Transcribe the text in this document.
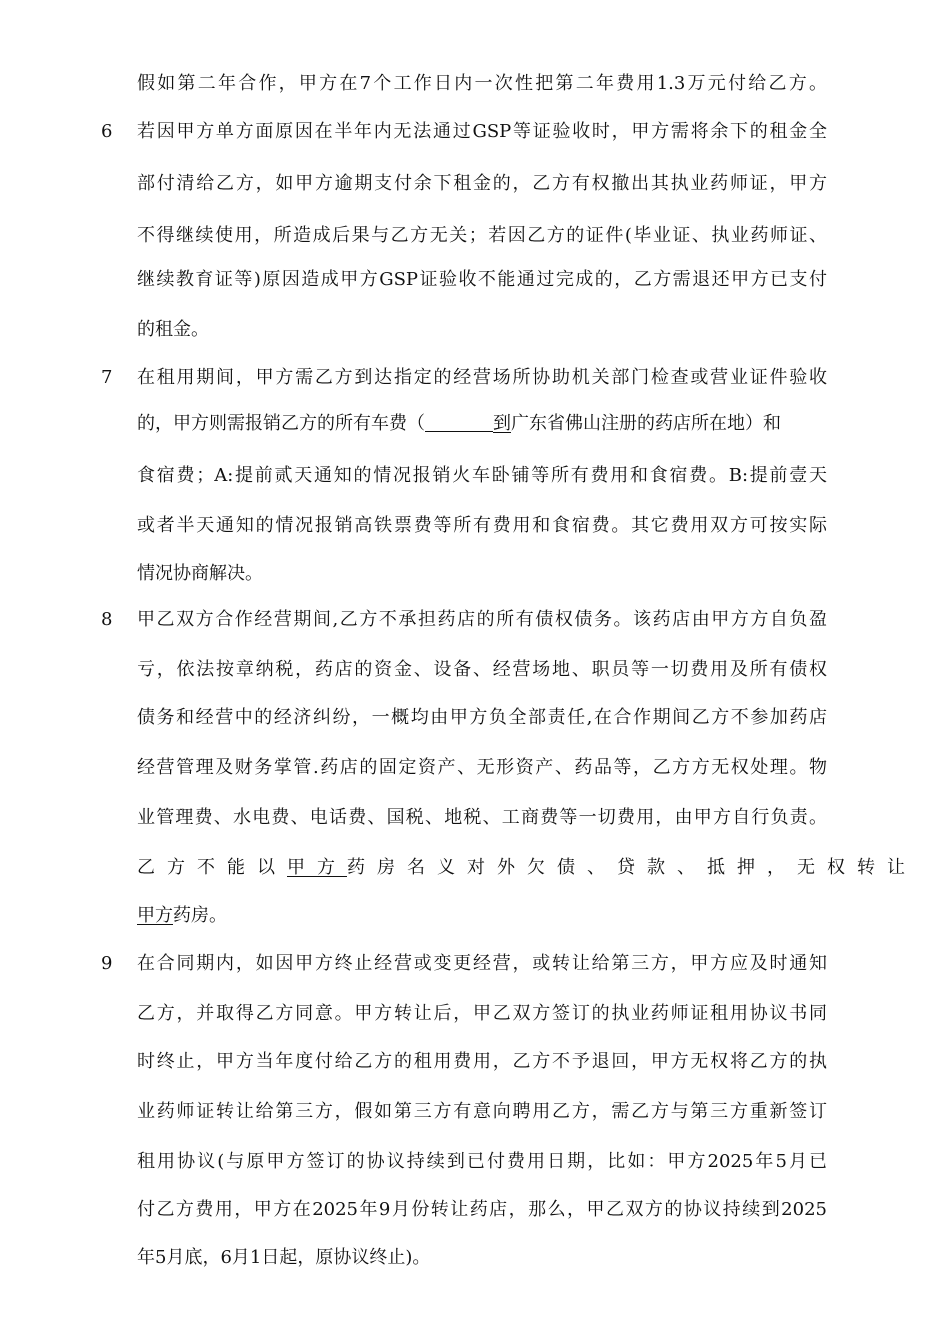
假如第二年合作，甲方在7个工作日内一次性把第二年费用1.3万元付给乙方。
6	若因甲方单方面原因在半年内无法通过GSP等证验收时，甲方需将余下的租金全
部付清给乙方，如甲方逾期支付余下租金的，乙方有权撤出其执业药师证，甲方
不得继续使用，所造成后果与乙方无关；若因乙方的证件(毕业证、执业药师证、
继续教育证等)原因造成甲方GSP证验收不能通过完成的，乙方需退还甲方已支付
的租金。
7	在租用期间，甲方需乙方到达指定的经营场所协助机关部门检查或营业证件验收
的，甲方则需报销乙方的所有车费（	到广东省佛山注册的药店所在地）和
食宿费；A:提前贰天通知的情况报销火车卧铺等所有费用和食宿费。B:提前壹天
或者半天通知的情况报销高铁票费等所有费用和食宿费。其它费用双方可按实际
情况协商解决。
8	甲乙双方合作经营期间,乙方不承担药店的所有债权债务。该药店由甲方方自负盈
亏，依法按章纳税，药店的资金、设备、经营场地、职员等一切费用及所有债权
债务和经营中的经济纠纷，一概均由甲方负全部责任,在合作期间乙方不参加药店
经营管理及财务掌管.药店的固定资产、无形资产、药品等，乙方方无权处理。物
业管理费、水电费、电话费、国税、地税、工商费等一切费用，由甲方自行负责。
乙方不能以甲方药房名义对外欠债、贷款、抵押，无权转让
甲方药房。
9	在合同期内，如因甲方终止经营或变更经营，或转让给第三方，甲方应及时通知
乙方，并取得乙方同意。甲方转让后，甲乙双方签订的执业药师证租用协议书同
时终止，甲方当年度付给乙方的租用费用，乙方不予退回，甲方无权将乙方的执
业药师证转让给第三方，假如第三方有意向聘用乙方，需乙方与第三方重新签订
租用协议(与原甲方签订的协议持续到已付费用日期，比如：甲方2025年5月已
付乙方费用，甲方在2025年9月份转让药店，那么，甲乙双方的协议持续到2025
年5月底，6月1日起，原协议终止)。
